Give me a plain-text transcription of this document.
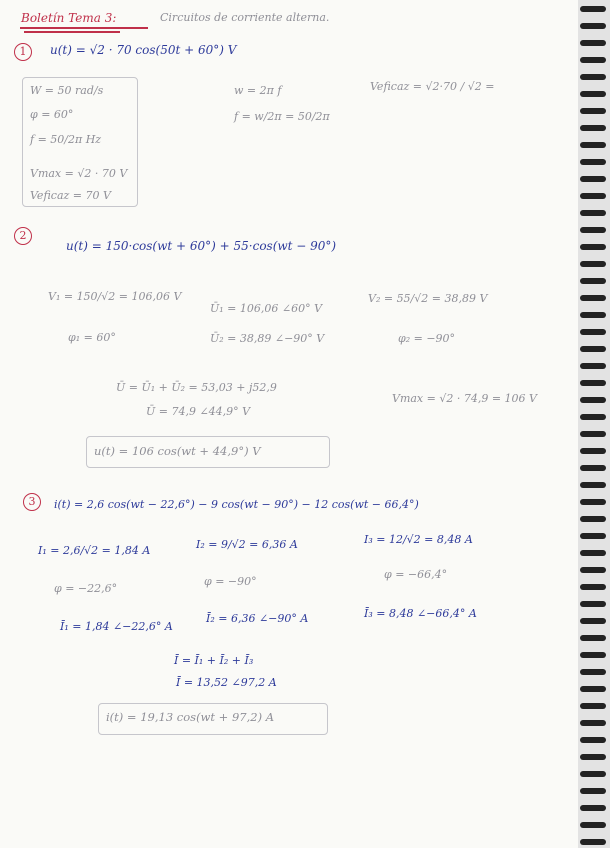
Boletín Tema 3:	Circuitos de corriente alterna.
1	u(t) = √2 · 70 cos(50t + 60°) V
W = 50 rad/s
φ = 60°
f = 50/2π Hz
Vmax = √2 · 70 V
Veficaz = 70 V
w = 2π f
f = w/2π = 50/2π
Veficaz = √2·70 / √2 =
2
u(t) = 150·cos(wt + 60°) + 55·cos(wt − 90°)
V₁ = 150/√2 = 106,06 V
φ₁ = 60°
Ū₁ = 106,06 ∠60° V
Ū₂ = 38,89 ∠−90° V
V₂ = 55/√2 = 38,89 V
φ₂ = −90°
Ū = Ū₁ + Ū₂ = 53,03 + j52,9
Ū = 74,9 ∠44,9° V
Vmax = √2 · 74,9 = 106 V
u(t) = 106 cos(wt + 44,9°) V
3	i(t) = 2,6 cos(wt − 22,6°) − 9 cos(wt − 90°) − 12 cos(wt − 66,4°)
I₁ = 2,6/√2 = 1,84 A	I₂ = 9/√2 = 6,36 A	I₃ = 12/√2 = 8,48 A
φ = −22,6°
φ = −90°
φ = −66,4°
Ī₁ = 1,84 ∠−22,6° A
Ī₂ = 6,36 ∠−90° A	Ī₃ = 8,48 ∠−66,4° A
Ī = Ī₁ + Ī₂ + Ī₃
Ī = 13,52 ∠97,2 A
i(t) = 19,13 cos(wt + 97,2) A
